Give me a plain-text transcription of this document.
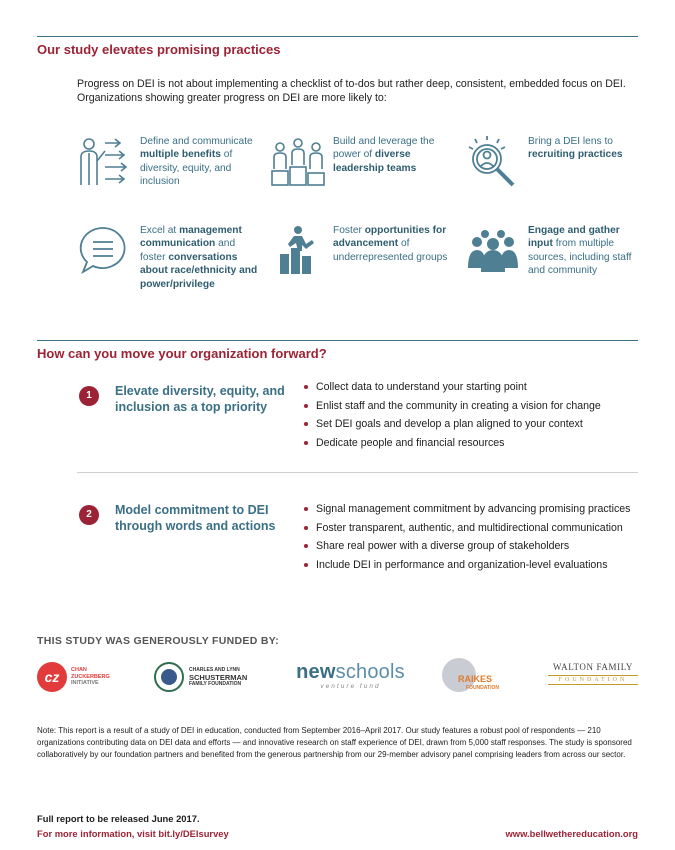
Our study elevates promising practices
Progress on DEI is not about implementing a checklist of to-dos but rather deep, consistent, embedded focus on DEI. Organizations showing greater progress on DEI are more likely to:
Define and communicate multiple benefits of diversity, equity, and inclusion
Build and leverage the power of diverse leadership teams
Bring a DEI lens to recruiting practices
Excel at management communication and foster conversations about race/ethnicity and power/privilege
Foster opportunities for advancement of underrepresented groups
Engage and gather input from multiple sources, including staff and community
How can you move your organization forward?
1	Elevate diversity, equity, and inclusion as a top priority
Collect data to understand your starting point
Enlist staff and the community in creating a vision for change
Set DEI goals and develop a plan aligned to your context
Dedicate people and financial resources
2	Model commitment to DEI through words and actions
Signal management commitment by advancing promising practices
Foster transparent, authentic, and multidirectional communication
Share real power with a diverse group of stakeholders
Include DEI in performance and organization-level evaluations
THIS STUDY WAS GENEROUSLY FUNDED BY:
cz	CHAN
ZUCKERBERG
INITIATIVE
CHARLES AND LYNN
SCHUSTERMAN
FAMILY FOUNDATION
newschools
venture fund
RAIKES
FOUNDATION
WALTON FAMILY
FOUNDATION
Note: This report is a result of a study of DEI in education, conducted from September 2016–April 2017. Our study features a robust pool of respondents — 210 organizations contributing data on DEI data and efforts — and innovative research on staff experience of DEI, drawn from 5,000 staff responses. The study is sponsored collaboratively by our foundation partners and benefited from the generous partnership from our 29-member advisory panel comprising leaders from across our sector.
Full report to be released June 2017.
For more information, visit bit.ly/DEIsurvey	www.bellwethereducation.org
